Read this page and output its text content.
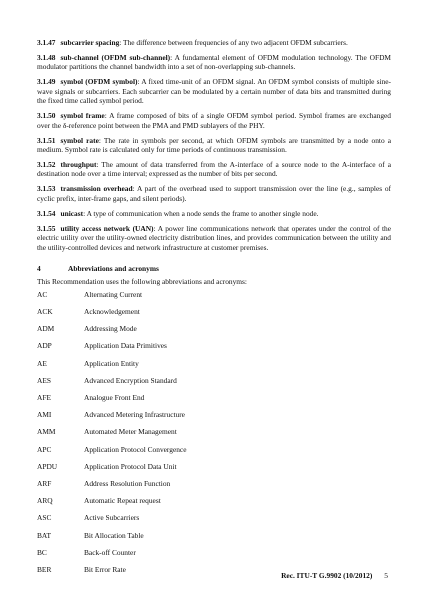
3.1.47 subcarrier spacing: The difference between frequencies of any two adjacent OFDM subcarriers.

3.1.48 sub-channel (OFDM sub-channel): A fundamental element of OFDM modulation technology. The OFDM modulator partitions the channel bandwidth into a set of non-overlapping sub-channels.

3.1.49 symbol (OFDM symbol): A fixed time-unit of an OFDM signal. An OFDM symbol consists of multiple sine-wave signals or subcarriers. Each subcarrier can be modulated by a certain number of data bits and transmitted during the fixed time called symbol period.

3.1.50 symbol frame: A frame composed of bits of a single OFDM symbol period. Symbol frames are exchanged over the δ-reference point between the PMA and PMD sublayers of the PHY.

3.1.51 symbol rate: The rate in symbols per second, at which OFDM symbols are transmitted by a node onto a medium. Symbol rate is calculated only for time periods of continuous transmission.

3.1.52 throughput: The amount of data transferred from the A-interface of a source node to the A-interface of a destination node over a time interval; expressed as the number of bits per second.

3.1.53 transmission overhead: A part of the overhead used to support transmission over the line (e.g., samples of cyclic prefix, inter-frame gaps, and silent periods).

3.1.54 unicast: A type of communication when a node sends the frame to another single node.

3.1.55 utility access network (UAN): A power line communications network that operates under the control of the electric utility over the utility-owned electricity distribution lines, and provides communication between the utility and the utility-controlled devices and network infrastructure at customer premises.

4	Abbreviations and acronyms

This Recommendation uses the following abbreviations and acronyms:

AC	Alternating Current
ACK	Acknowledgement
ADM	Addressing Mode
ADP	Application Data Primitives
AE	Application Entity
AES	Advanced Encryption Standard
AFE	Analogue Front End
AMI	Advanced Metering Infrastructure
AMM	Automated Meter Management
APC	Application Protocol Convergence
APDU	Application Protocol Data Unit
ARF	Address Resolution Function
ARQ	Automatic Repeat request
ASC	Active Subcarriers
BAT	Bit Allocation Table
BC	Back-off Counter
BER	Bit Error Rate
Rec. ITU-T G.9902 (10/2012) 5
